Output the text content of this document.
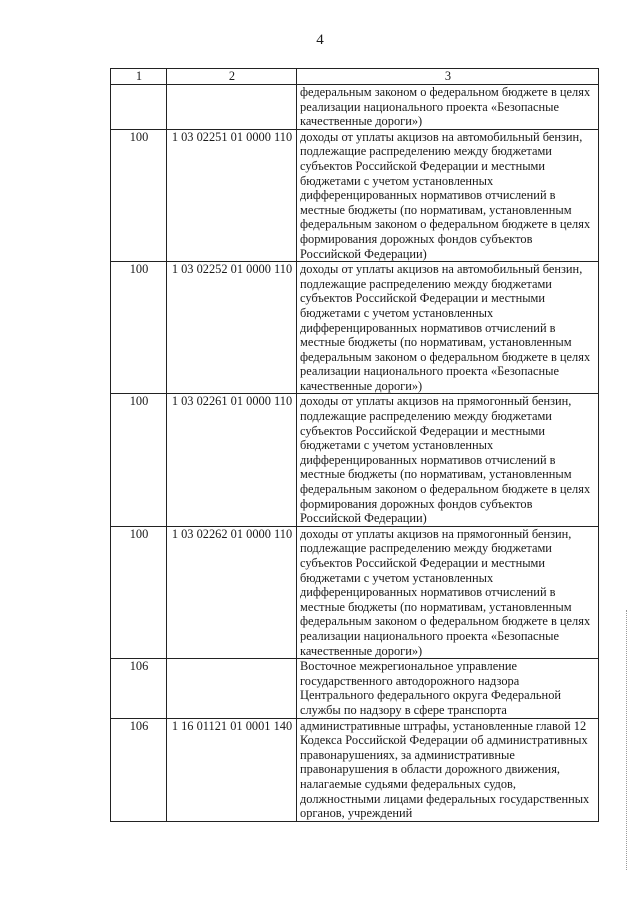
4
1	2	3
		федеральным законом о федеральном бюджете в целях реализации национального проекта «Безопасные качественные дороги»)
100	1 03 02251 01 0000 110	доходы от уплаты акцизов на автомобильный бензин, подлежащие распределению между бюджетами субъектов Российской Федерации и местными бюджетами с учетом установленных дифференцированных нормативов отчислений в местные бюджеты (по нормативам, установленным федеральным законом о федеральном бюджете в целях формирования дорожных фондов субъектов Российской Федерации)
100	1 03 02252 01 0000 110	доходы от уплаты акцизов на автомобильный бензин, подлежащие распределению между бюджетами субъектов Российской Федерации и местными бюджетами с учетом установленных дифференцированных нормативов отчислений в местные бюджеты (по нормативам, установленным федеральным законом о федеральном бюджете в целях реализации национального проекта «Безопасные качественные дороги»)
100	1 03 02261 01 0000 110	доходы от уплаты акцизов на прямогонный бензин, подлежащие распределению между бюджетами субъектов Российской Федерации и местными бюджетами с учетом установленных дифференцированных нормативов отчислений в местные бюджеты (по нормативам, установленным федеральным законом о федеральном бюджете в целях формирования дорожных фондов субъектов Российской Федерации)
100	1 03 02262 01 0000 110	доходы от уплаты акцизов на прямогонный бензин, подлежащие распределению между бюджетами субъектов Российской Федерации и местными бюджетами с учетом установленных дифференцированных нормативов отчислений в местные бюджеты (по нормативам, установленным федеральным законом о федеральном бюджете в целях реализации национального проекта «Безопасные качественные дороги»)
106		Восточное межрегиональное управление государственного автодорожного надзора Центрального федерального округа Федеральной службы по надзору в сфере транспорта
106	1 16 01121 01 0001 140	административные штрафы, установленные главой 12 Кодекса Российской Федерации об административных правонарушениях, за административные правонарушения в области дорожного движения, налагаемые судьями федеральных судов, должностными лицами федеральных государственных органов, учреждений
